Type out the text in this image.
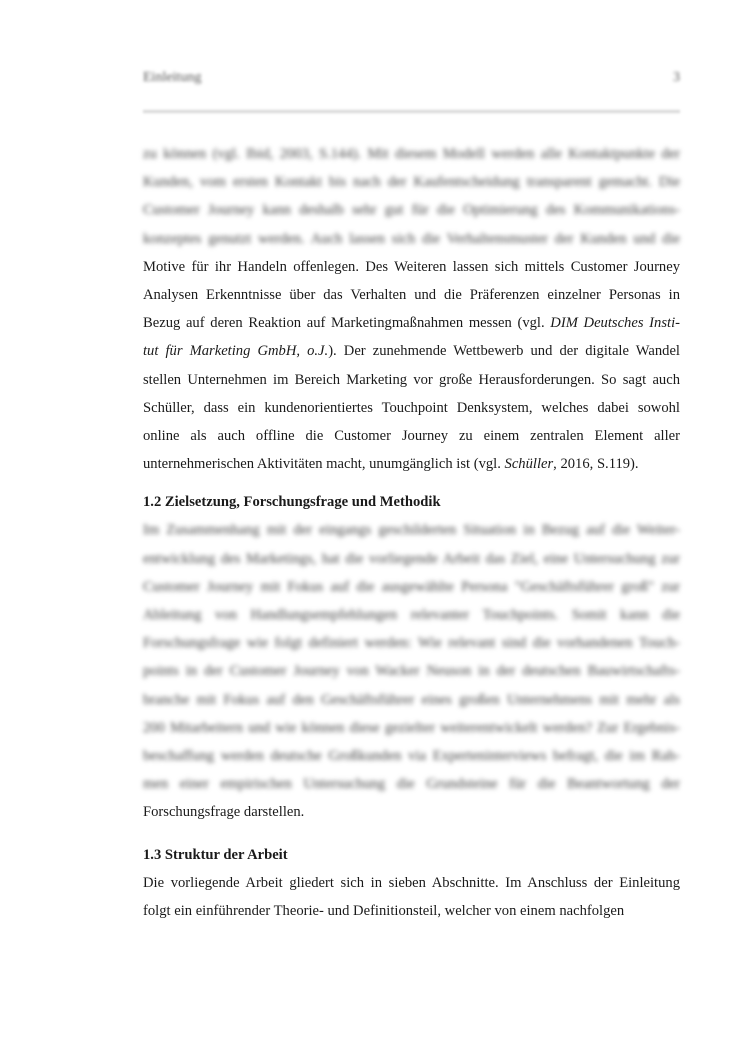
Einleitung	3
zu können (vgl. Ibid, 2003, S.144). Mit diesem Modell werden alle Kontaktpunkte der
Kunden, vom ersten Kontakt bis nach der Kaufentscheidung transparent gemacht. Die
Customer Journey kann deshalb sehr gut für die Optimierung des Kommunikations-
konzeptes genutzt werden. Auch lassen sich die Verhaltensmuster der Kunden und die
Motive für ihr Handeln offenlegen. Des Weiteren lassen sich mittels Customer Journey
Analysen Erkenntnisse über das Verhalten und die Präferenzen einzelner Personas in
Bezug auf deren Reaktion auf Marketingmaßnahmen messen (vgl. DIM Deutsches Insti-
tut für Marketing GmbH, o.J.). Der zunehmende Wettbewerb und der digitale Wandel
stellen Unternehmen im Bereich Marketing vor große Herausforderungen. So sagt auch
Schüller, dass ein kundenorientiertes Touchpoint Denksystem, welches dabei sowohl
online als auch offline die Customer Journey zu einem zentralen Element aller
unternehmerischen Aktivitäten macht, unumgänglich ist (vgl. Schüller, 2016, S.119).

1.2 Zielsetzung, Forschungsfrage und Methodik

Im Zusammenhang mit der eingangs geschilderten Situation in Bezug auf die Weiter-
entwicklung des Marketings, hat die vorliegende Arbeit das Ziel, eine Untersuchung zur
Customer Journey mit Fokus auf die ausgewählte Persona "Geschäftsführer groß" zur
Ableitung von Handlungsempfehlungen relevanter Touchpoints. Somit kann die
Forschungsfrage wie folgt definiert werden: Wie relevant sind die vorhandenen Touch-
points in der Customer Journey von Wacker Neuson in der deutschen Bauwirtschafts-
branche mit Fokus auf den Geschäftsführer eines großen Unternehmens mit mehr als
200 Mitarbeitern und wie können diese gezielter weiterentwickelt werden? Zur Ergebnis-
beschaffung werden deutsche Großkunden via Experteninterviews befragt, die im Rah-
men einer empirischen Untersuchung die Grundsteine für die Beantwortung der
Forschungsfrage darstellen.

1.3 Struktur der Arbeit

Die vorliegende Arbeit gliedert sich in sieben Abschnitte. Im Anschluss der Einleitung
folgt ein einführender Theorie- und Definitionsteil, welcher von einem nachfolgen
